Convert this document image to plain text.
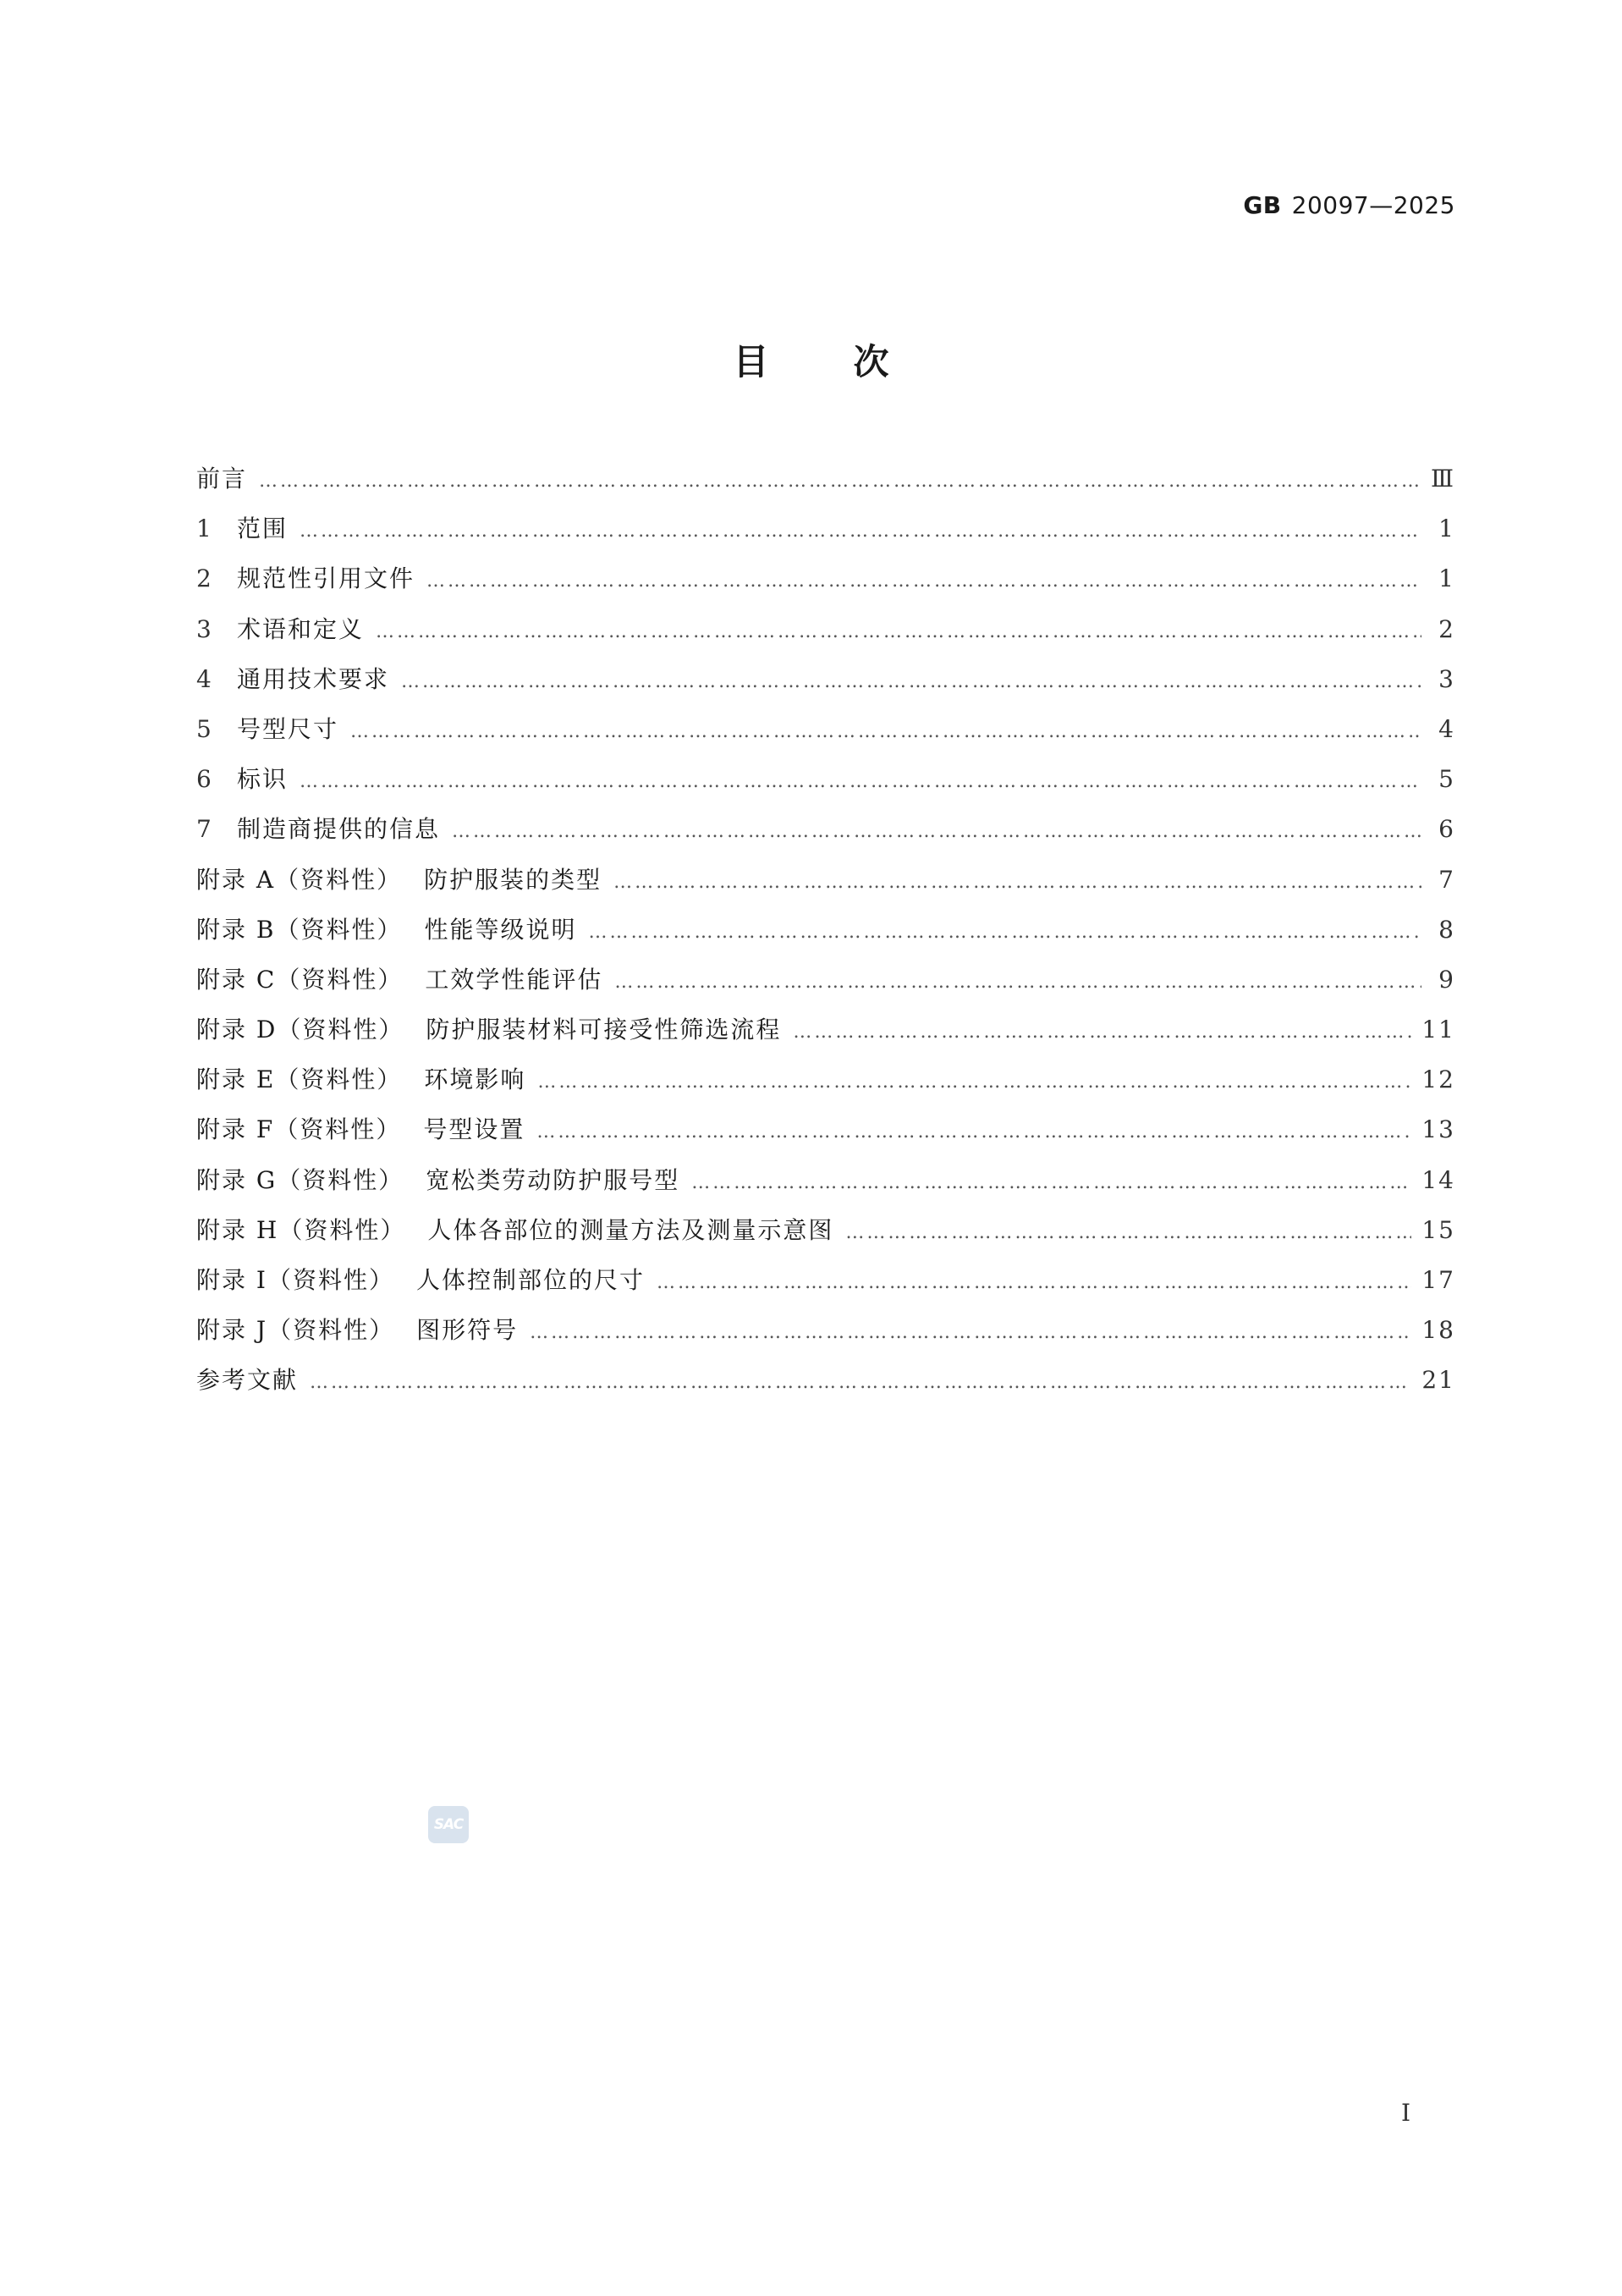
GB 20097—2025
目次
前言 ………………………………………………………………………………………………………………………………………………………………………………………………………………………………………………………………	Ⅲ
1 范围 ………………………………………………………………………………………………………………………………………………………………………………………………………………………………………………………………	1
2 规范性引用文件 ………………………………………………………………………………………………………………………………………………………………………………………………………………………………………………………………	1
3 术语和定义 ………………………………………………………………………………………………………………………………………………………………………………………………………………………………………………………………	2
4 通用技术要求 ………………………………………………………………………………………………………………………………………………………………………………………………………………………………………………………………	3
5 号型尺寸 ………………………………………………………………………………………………………………………………………………………………………………………………………………………………………………………………	4
6 标识 ………………………………………………………………………………………………………………………………………………………………………………………………………………………………………………………………	5
7 制造商提供的信息 ………………………………………………………………………………………………………………………………………………………………………………………………………………………………………………………………	6
附录 A（资料性） 防护服装的类型 ………………………………………………………………………………………………………………………………………………………………………………………………………………………………………………………………	7
附录 B（资料性） 性能等级说明 ………………………………………………………………………………………………………………………………………………………………………………………………………………………………………………………………	8
附录 C（资料性） 工效学性能评估 ………………………………………………………………………………………………………………………………………………………………………………………………………………………………………………………………	9
附录 D（资料性） 防护服装材料可接受性筛选流程 ………………………………………………………………………………………………………………………………………………………………………………………………………………………………………………………………	11
附录 E（资料性） 环境影响 ………………………………………………………………………………………………………………………………………………………………………………………………………………………………………………………………	12
附录 F（资料性） 号型设置 ………………………………………………………………………………………………………………………………………………………………………………………………………………………………………………………………	13
附录 G（资料性） 宽松类劳动防护服号型 ………………………………………………………………………………………………………………………………………………………………………………………………………………………………………………………………	14
附录 H（资料性） 人体各部位的测量方法及测量示意图 ………………………………………………………………………………………………………………………………………………………………………………………………………………………………………………………………	15
附录 I（资料性） 人体控制部位的尺寸 ………………………………………………………………………………………………………………………………………………………………………………………………………………………………………………………………	17
附录 J（资料性） 图形符号 ………………………………………………………………………………………………………………………………………………………………………………………………………………………………………………………………	18
参考文献 ………………………………………………………………………………………………………………………………………………………………………………………………………………………………………………………………	21
SAC
I
